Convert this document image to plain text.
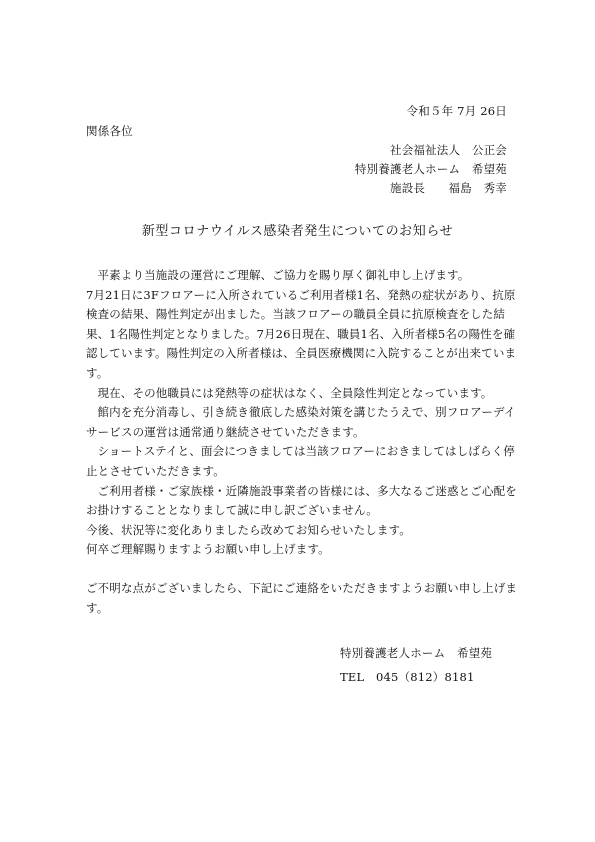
令和５年 7月 26日
関係各位
社会福祉法人　公正会
特別養護老人ホーム　希望苑
施設長　　福島　秀幸
新型コロナウイルス感染者発生についてのお知らせ

平素より当施設の運営にご理解、ご協力を賜り厚く御礼申し上げます。

7月21日に3Fフロアーに入所されているご利用者様1名、発熱の症状があり、抗原検査の結果、陽性判定が出ました。当該フロアーの職員全員に抗原検査をした結果、1名陽性判定となりました。7月26日現在、職員1名、入所者様5名の陽性を確認しています。陽性判定の入所者様は、全員医療機関に入院することが出来ています。

現在、その他職員には発熱等の症状はなく、全員陰性判定となっています。

館内を充分消毒し、引き続き徹底した感染対策を講じたうえで、別フロアーデイサービスの運営は通常通り継続させていただきます。

ショートステイと、面会につきましては当該フロアーにおきましてはしばらく停止とさせていただきます。

ご利用者様・ご家族様・近隣施設事業者の皆様には、多大なるご迷惑とご心配をお掛けすることとなりまして誠に申し訳ございません。

今後、状況等に変化ありましたら改めてお知らせいたします。

何卒ご理解賜りますようお願い申し上げます。

ご不明な点がございましたら、下記にご連絡をいただきますようお願い申し上げます。

特別養護老人ホーム　希望苑
TEL　045（812）8181
